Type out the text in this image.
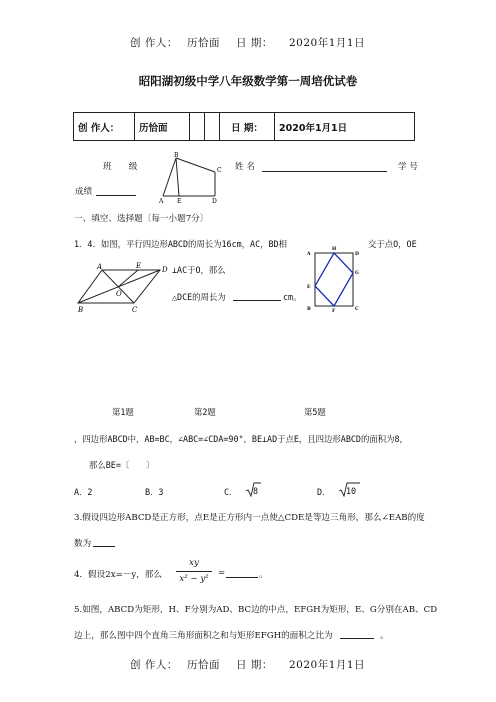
创 作人： 历恰面 日 期： 2020年1月1日
昭阳湖初级中学八年级数学第一周培优试卷
创 作人：	历恰面			日 期：	2020年1月1日
班　　级	姓 名	学 号
成绩
B
C
A E	D
一、填空、选择题〔每一小题7分〕
1．4．如图，平行四边形ABCD的周长为16cm，AC，BD相	交于点O，OE
⊥AC于O，那么
△DCE的周长为	cm。
A	E	D
O
B	C
A
H
D
E
G
B	F	C
第1题	第2题	第5题
，四边形ABCD中，AB=BC，∠ABC=∠CDA=90°，BE⊥AD于点E，且四边形ABCD的面积为8，
那么BE=〔　　〕
A．2	B．3	C． 8	D． 10
3.假设四边形ABCD是正方形，点E是正方形内一点使△CDE是等边三角形，那么∠EAB的度
数为
4．假设2x=－y，那么
xy
x² − y²
=	。
5.如图，ABCD为矩形，H、F分别为AD、BC边的中点，EFGH为矩形，E、G分别在AB、CD
边上，那么图中四个直角三角形面积之和与矩形EFGH的面积之比为	。
创 作人： 历恰面 日 期： 2020年1月1日
